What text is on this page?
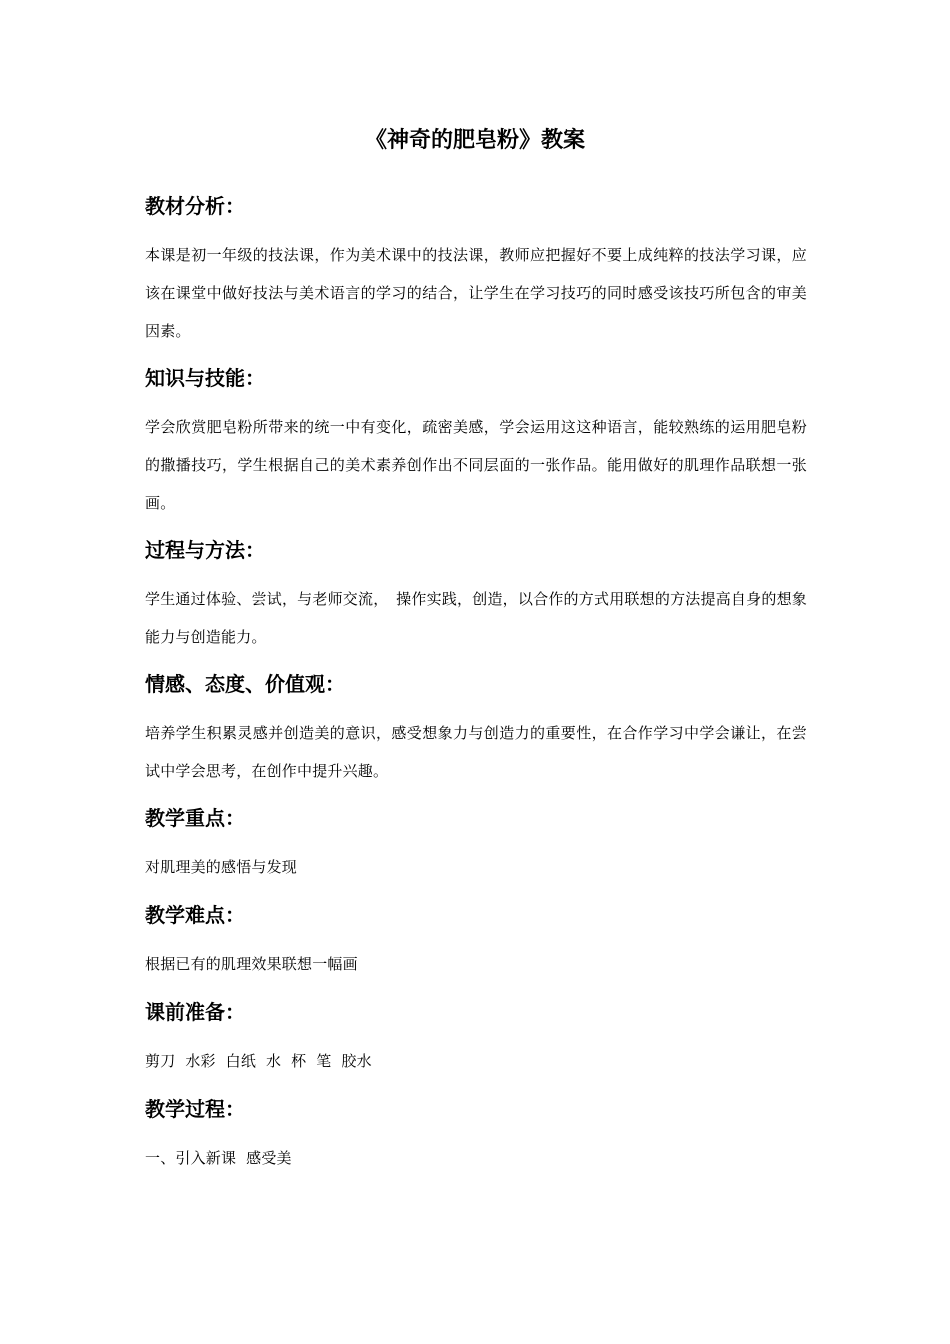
《神奇的肥皂粉》教案
教材分析：

本课是初一年级的技法课，作为美术课中的技法课，教师应把握好不要上成纯粹的技法学习课，应该在课堂中做好技法与美术语言的学习的结合，让学生在学习技巧的同时感受该技巧所包含的审美因素。

知识与技能：

学会欣赏肥皂粉所带来的统一中有变化，疏密美感，学会运用这这种语言，能较熟练的运用肥皂粉的撒播技巧，学生根据自己的美术素养创作出不同层面的一张作品。能用做好的肌理作品联想一张画。

过程与方法：

学生通过体验、尝试，与老师交流，　操作实践，创造，以合作的方式用联想的方法提高自身的想象能力与创造能力。

情感、态度、价值观：

培养学生积累灵感并创造美的意识，感受想象力与创造力的重要性，在合作学习中学会谦让，在尝试中学会思考，在创作中提升兴趣。

教学重点：

对肌理美的感悟与发现

教学难点：

根据已有的肌理效果联想一幅画

课前准备：

剪刀  水彩  白纸  水  杯  笔  胶水

教学过程：

一、引入新课  感受美
